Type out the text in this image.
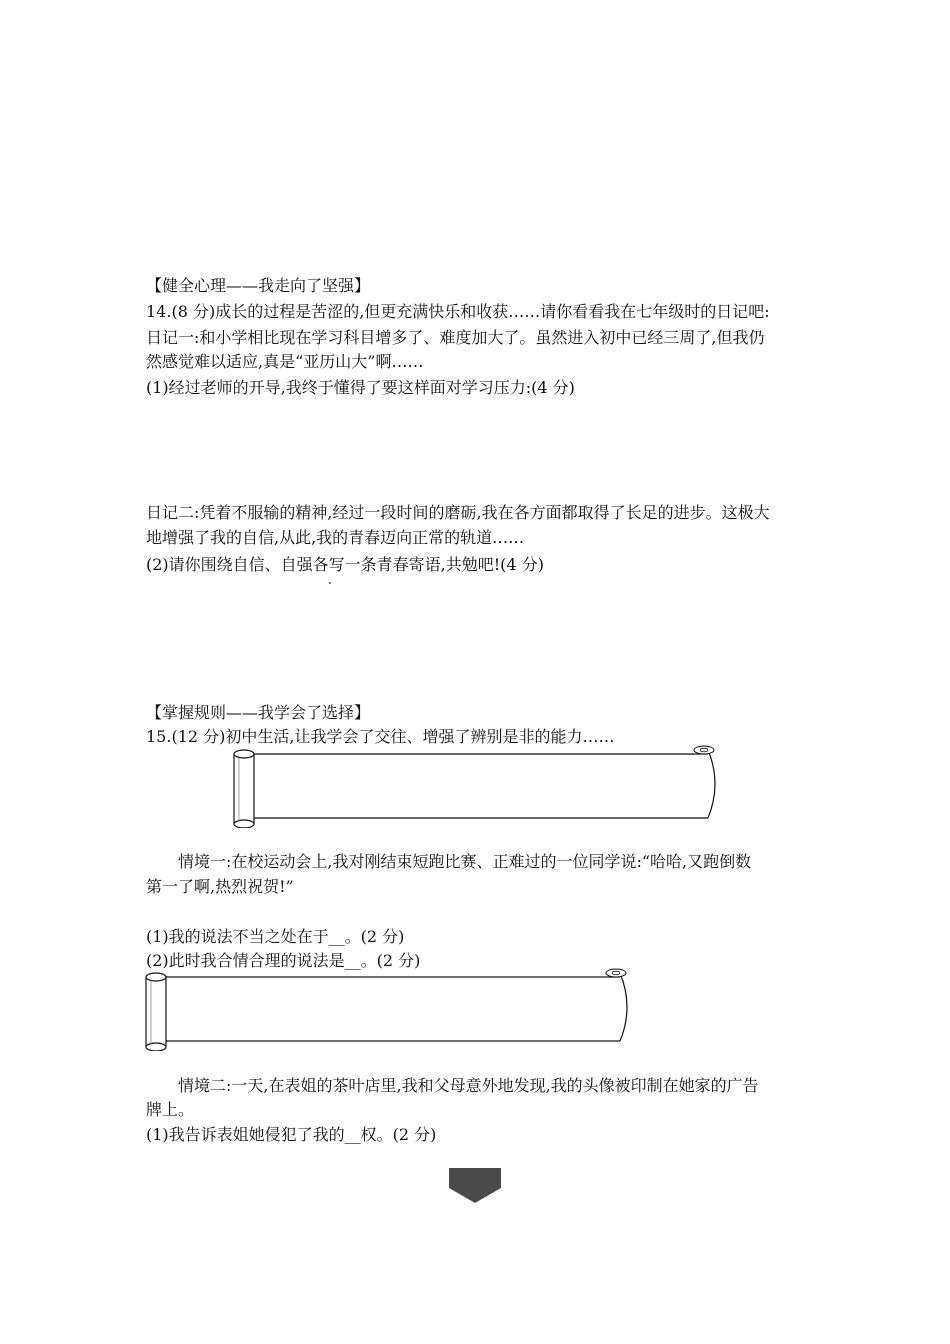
【健全心理——我走向了坚强】
14.(8 分)成长的过程是苦涩的,但更充满快乐和收获……请你看看我在七年级时的日记吧:
日记一:和小学相比现在学习科目增多了、难度加大了。虽然进入初中已经三周了,但我仍
然感觉难以适应,真是“亚历山大”啊……
(1)经过老师的开导,我终于懂得了要这样面对学习压力:(4 分)
日记二:凭着不服输的精神,经过一段时间的磨砺,我在各方面都取得了长足的进步。这极大
地增强了我的自信,从此,我的青春迈向正常的轨道……
(2)请你围绕自信、自强各写一条青春寄语,共勉吧!(4 分)
【掌握规则——我学会了选择】
15.(12 分)初中生活,让我学会了交往、增强了辨别是非的能力……
情境一:在校运动会上,我对刚结束短跑比赛、正难过的一位同学说:“哈哈,又跑倒数
第一了啊,热烈祝贺!”
(1)我的说法不当之处在于__。(2 分)
(2)此时我合情合理的说法是__。(2 分)
情境二:一天,在表姐的茶叶店里,我和父母意外地发现,我的头像被印制在她家的广告
牌上。
(1)我告诉表姐她侵犯了我的__权。(2 分)
